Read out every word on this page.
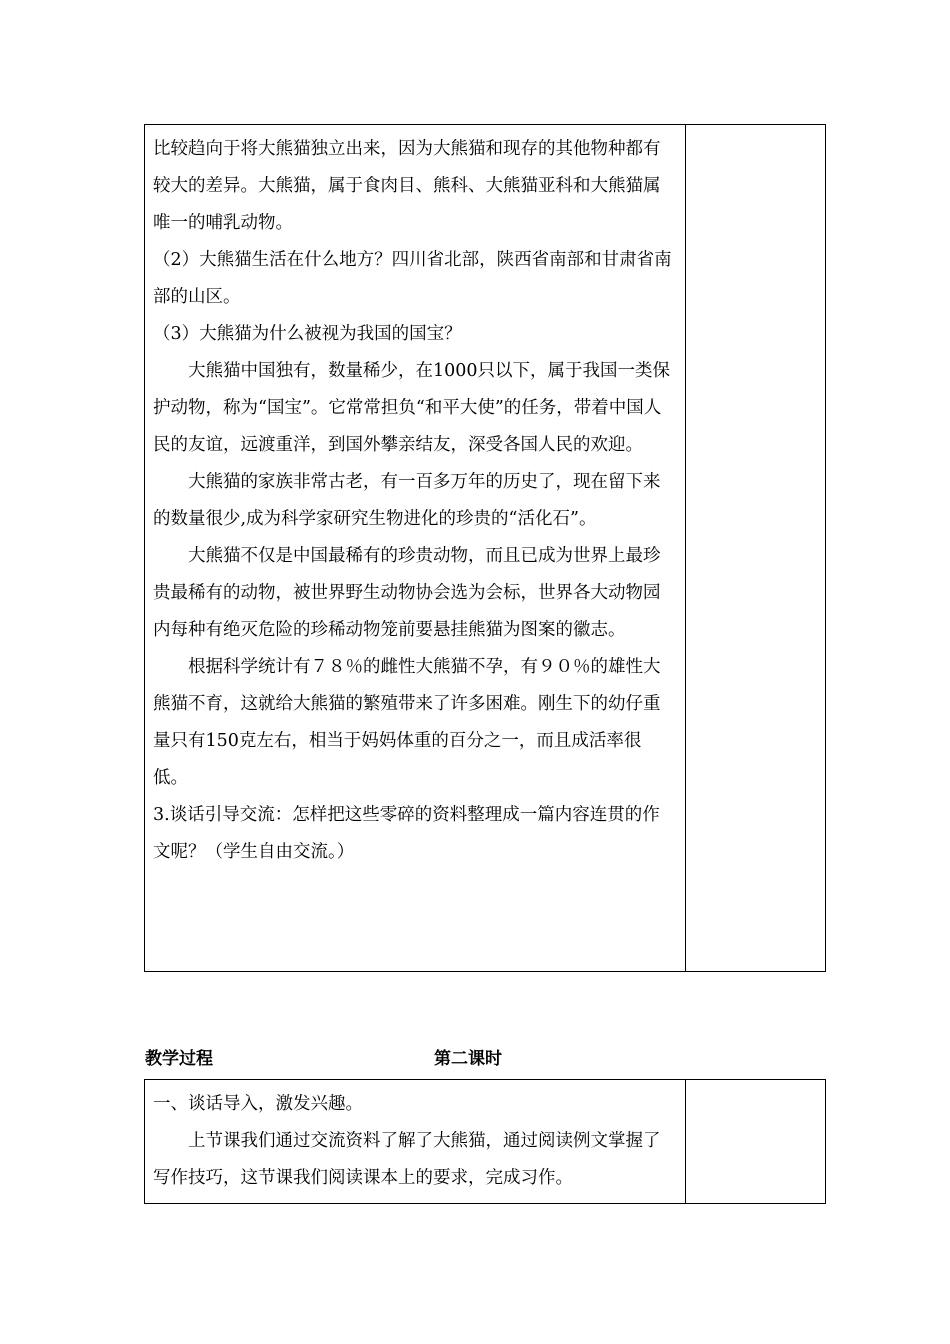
比较趋向于将大熊猫独立出来，因为大熊猫和现存的其他物种都有较大的差异。大熊猫，属于食肉目、熊科、大熊猫亚科和大熊猫属唯一的哺乳动物。

（2）大熊猫生活在什么地方？四川省北部，陕西省南部和甘肃省南部的山区。

（3）大熊猫为什么被视为我国的国宝？

大熊猫中国独有，数量稀少，在1000只以下，属于我国一类保护动物，称为“国宝”。它常常担负“和平大使”的任务，带着中国人民的友谊，远渡重洋，到国外攀亲结友，深受各国人民的欢迎。

大熊猫的家族非常古老，有一百多万年的历史了，现在留下来的数量很少,成为科学家研究生物进化的珍贵的“活化石”。

大熊猫不仅是中国最稀有的珍贵动物，而且已成为世界上最珍贵最稀有的动物，被世界野生动物协会选为会标，世界各大动物园内每种有绝灭危险的珍稀动物笼前要悬挂熊猫为图案的徽志。

根据科学统计有７８％的雌性大熊猫不孕，有９０％的雄性大熊猫不育，这就给大熊猫的繁殖带来了许多困难。刚生下的幼仔重量只有150克左右，相当于妈妈体重的百分之一，而且成活率很低。

3.谈话引导交流：怎样把这些零碎的资料整理成一篇内容连贯的作文呢？（学生自由交流。）

教学过程	第二课时

一、谈话导入，激发兴趣。

上节课我们通过交流资料了解了大熊猫，通过阅读例文掌握了写作技巧，这节课我们阅读课本上的要求，完成习作。
